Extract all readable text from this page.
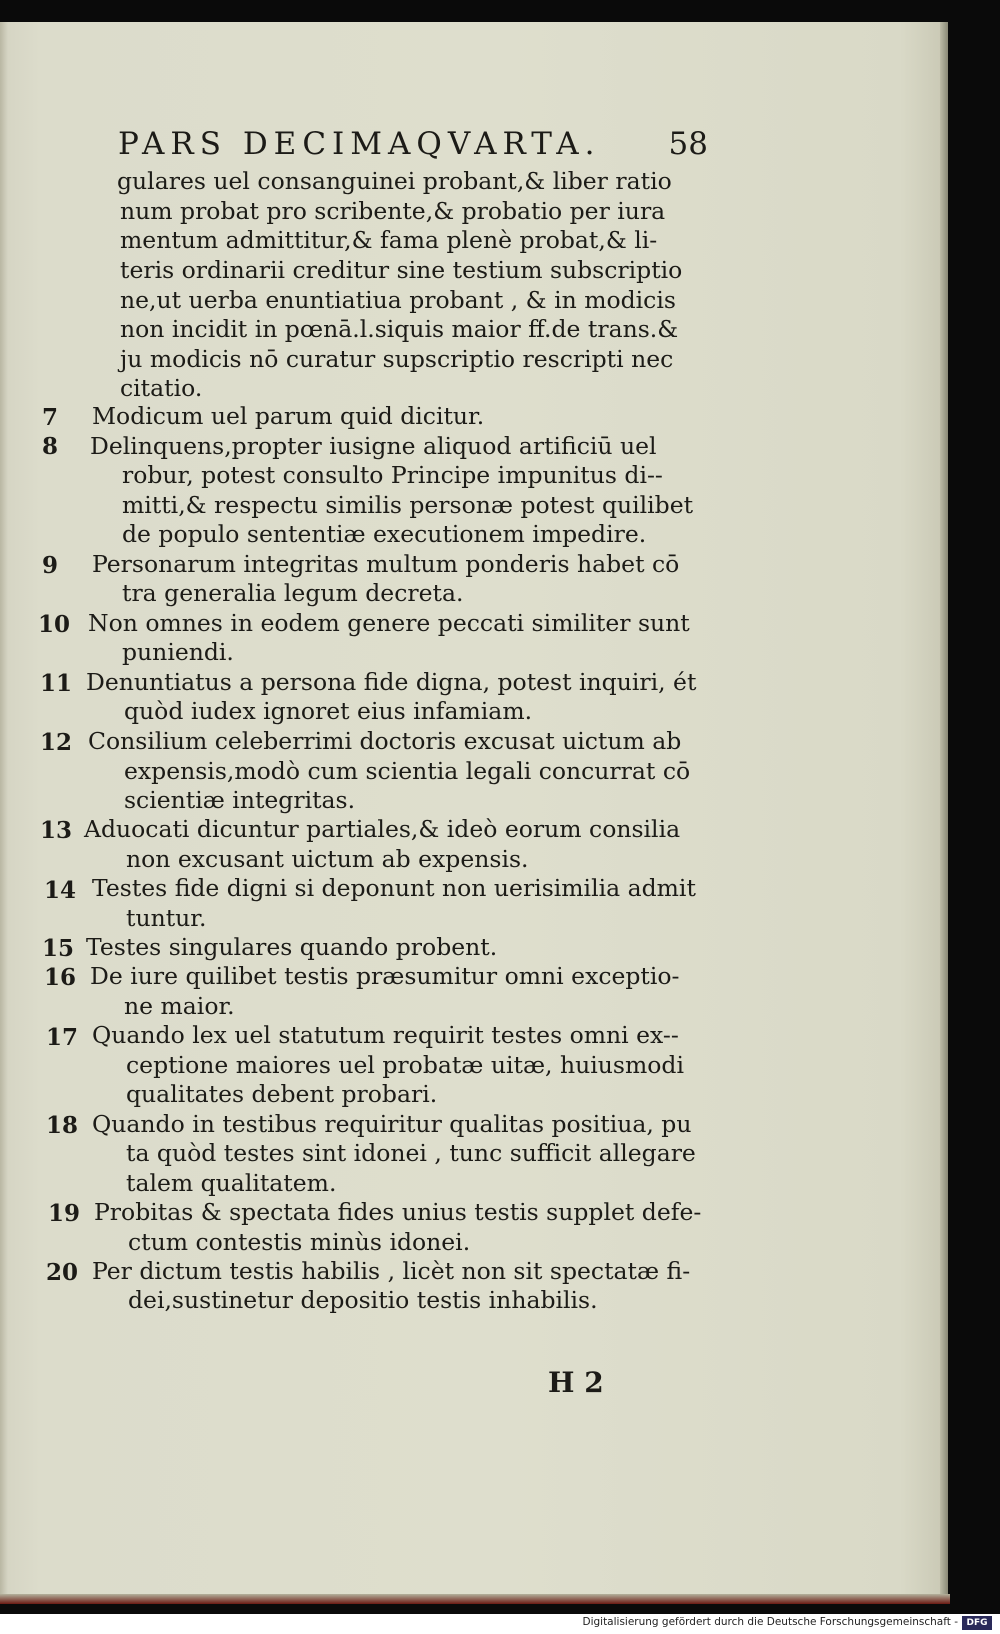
PARS DECIMAQVARTA. 58
gulares uel consanguinei probant,& liber ratio
num probat pro scribente,& probatio per iura
mentum admittitur,& fama plenè probat,& li-
teris ordinarii creditur sine testium subscriptio
ne,ut uerba enuntiatiua probant , & in modicis
non incidit in pœnā.l.siquis maior ff.de trans.&
ju modicis nō curatur supscriptio rescripti nec
citatio.
7 Modicum uel parum quid dicitur.
8 Delinquens,propter iusigne aliquod artificiū uel
robur, potest consulto Principe impunitus di--
mitti,& respectu similis personæ potest quilibet
de populo sententiæ executionem impedire.
9 Personarum integritas multum ponderis habet cō
tra generalia legum decreta.
10 Non omnes in eodem genere peccati similiter sunt
puniendi.
11 Denuntiatus a persona fide digna, potest inquiri, ét
quòd iudex ignoret eius infamiam.
12 Consilium celeberrimi doctoris excusat uictum ab
expensis,modò cum scientia legali concurrat cō
scientiæ integritas.
13 Aduocati dicuntur partiales,& ideò eorum consilia
non excusant uictum ab expensis.
14 Testes fide digni si deponunt non uerisimilia admit
tuntur.
15 Testes singulares quando probent.
16 De iure quilibet testis præsumitur omni exceptio-
ne maior.
17 Quando lex uel statutum requirit testes omni ex--
ceptione maiores uel probatæ uitæ, huiusmodi
qualitates debent probari.
18 Quando in testibus requiritur qualitas positiua, pu
ta quòd testes sint idonei , tunc sufficit allegare
talem qualitatem.
19 Probitas & spectata fides unius testis supplet defe-
ctum contestis minùs idonei.
20 Per dictum testis habilis , licèt non sit spectatæ fi-
dei,sustinetur depositio testis inhabilis.
H 2
Digitalisierung gefördert durch die Deutsche Forschungsgemeinschaft - DFG
